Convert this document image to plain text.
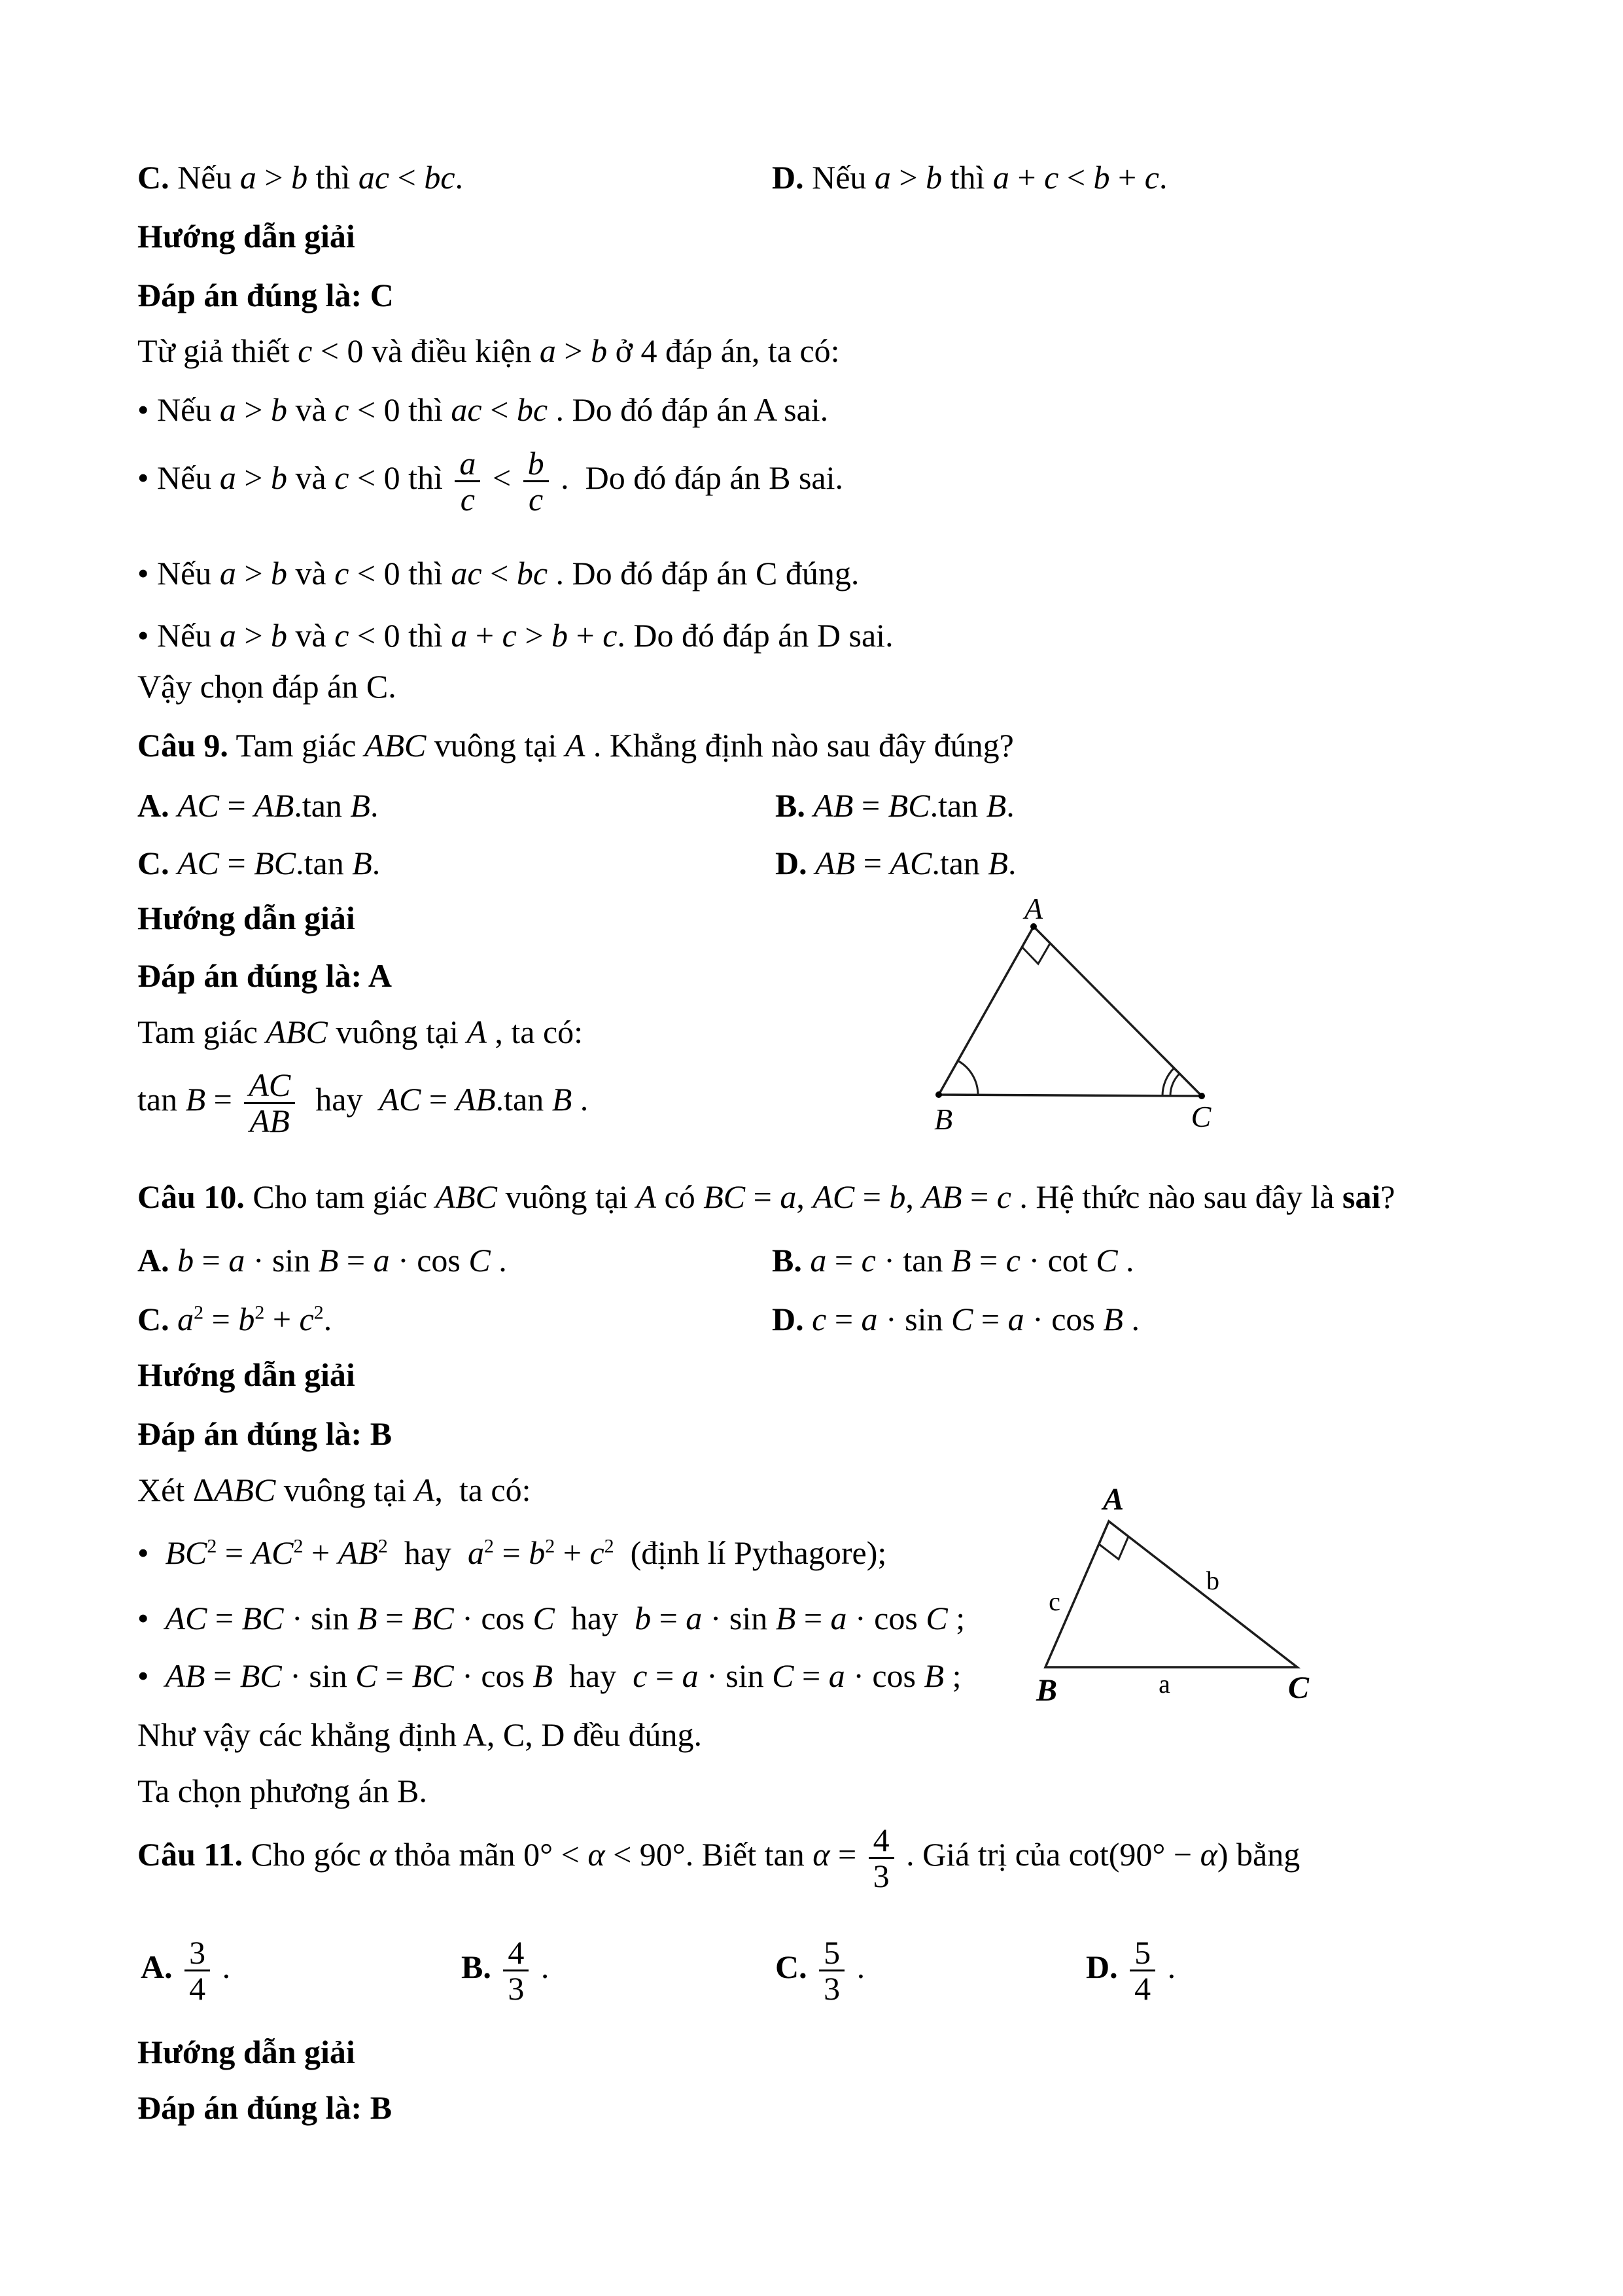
C. Nếu a > b thì ac < bc.	D. Nếu a > b thì a + c < b + c.
Hướng dẫn giải
Đáp án đúng là: C
Từ giả thiết c < 0 và điều kiện a > b ở 4 đáp án, ta có:
• Nếu a > b và c < 0 thì ac < bc . Do đó đáp án A sai.
• Nếu a > b và c < 0 thì $\frac{a}{c} < \frac{b}{c}$ .  Do đó đáp án B sai.
• Nếu a > b và c < 0 thì ac < bc . Do đó đáp án C đúng.
• Nếu a > b và c < 0 thì a + c > b + c. Do đó đáp án D sai.
Vậy chọn đáp án C.
Câu 9. Tam giác ABC vuông tại A . Khẳng định nào sau đây đúng?
A. AC = AB.tan B.	B. AB = BC.tan B.
C. AC = BC.tan B.	D. AB = AC.tan B.
Hướng dẫn giải
Đáp án đúng là: A
Tam giác ABC vuông tại A , ta có:
$\tan B = \frac{AC}{AB}$ hay  AC = AB.tan B .
A
B	C
Câu 10. Cho tam giác ABC vuông tại A có BC = a, AC = b, AB = c . Hệ thức nào sau đây là sai?
A. b = a · sin B = a · cos C .	B. a = c · tan B = c · cot C .
C. $a^2 = b^2 + c^2$.	D. c = a · sin C = a · cos B .
Hướng dẫn giải
Đáp án đúng là: B
Xét ΔABC vuông tại A,  ta có:
•  $BC^2 = AC^2 + AB^2$  hay  $a^2 = b^2 + c^2$  (định lí Pythagore);
•  AC = BC · sin B = BC · cos C  hay  b = a · sin B = a · cos C ;
•  AB = BC · sin C = BC · cos B  hay  c = a · sin C = a · cos B ;
Như vậy các khẳng định A, C, D đều đúng.
Ta chọn phương án B.
A
B	C
c
b
a
Câu 11. Cho góc α thỏa mãn 0° < α < 90°. Biết $\tan \alpha = \frac{4}{3}$ . Giá trị của cot(90° − α) bằng
A. $\frac{3}{4}$ .	B. $\frac{4}{3}$ .	C. $\frac{5}{3}$ .	D. $\frac{5}{4}$ .
Hướng dẫn giải
Đáp án đúng là: B
